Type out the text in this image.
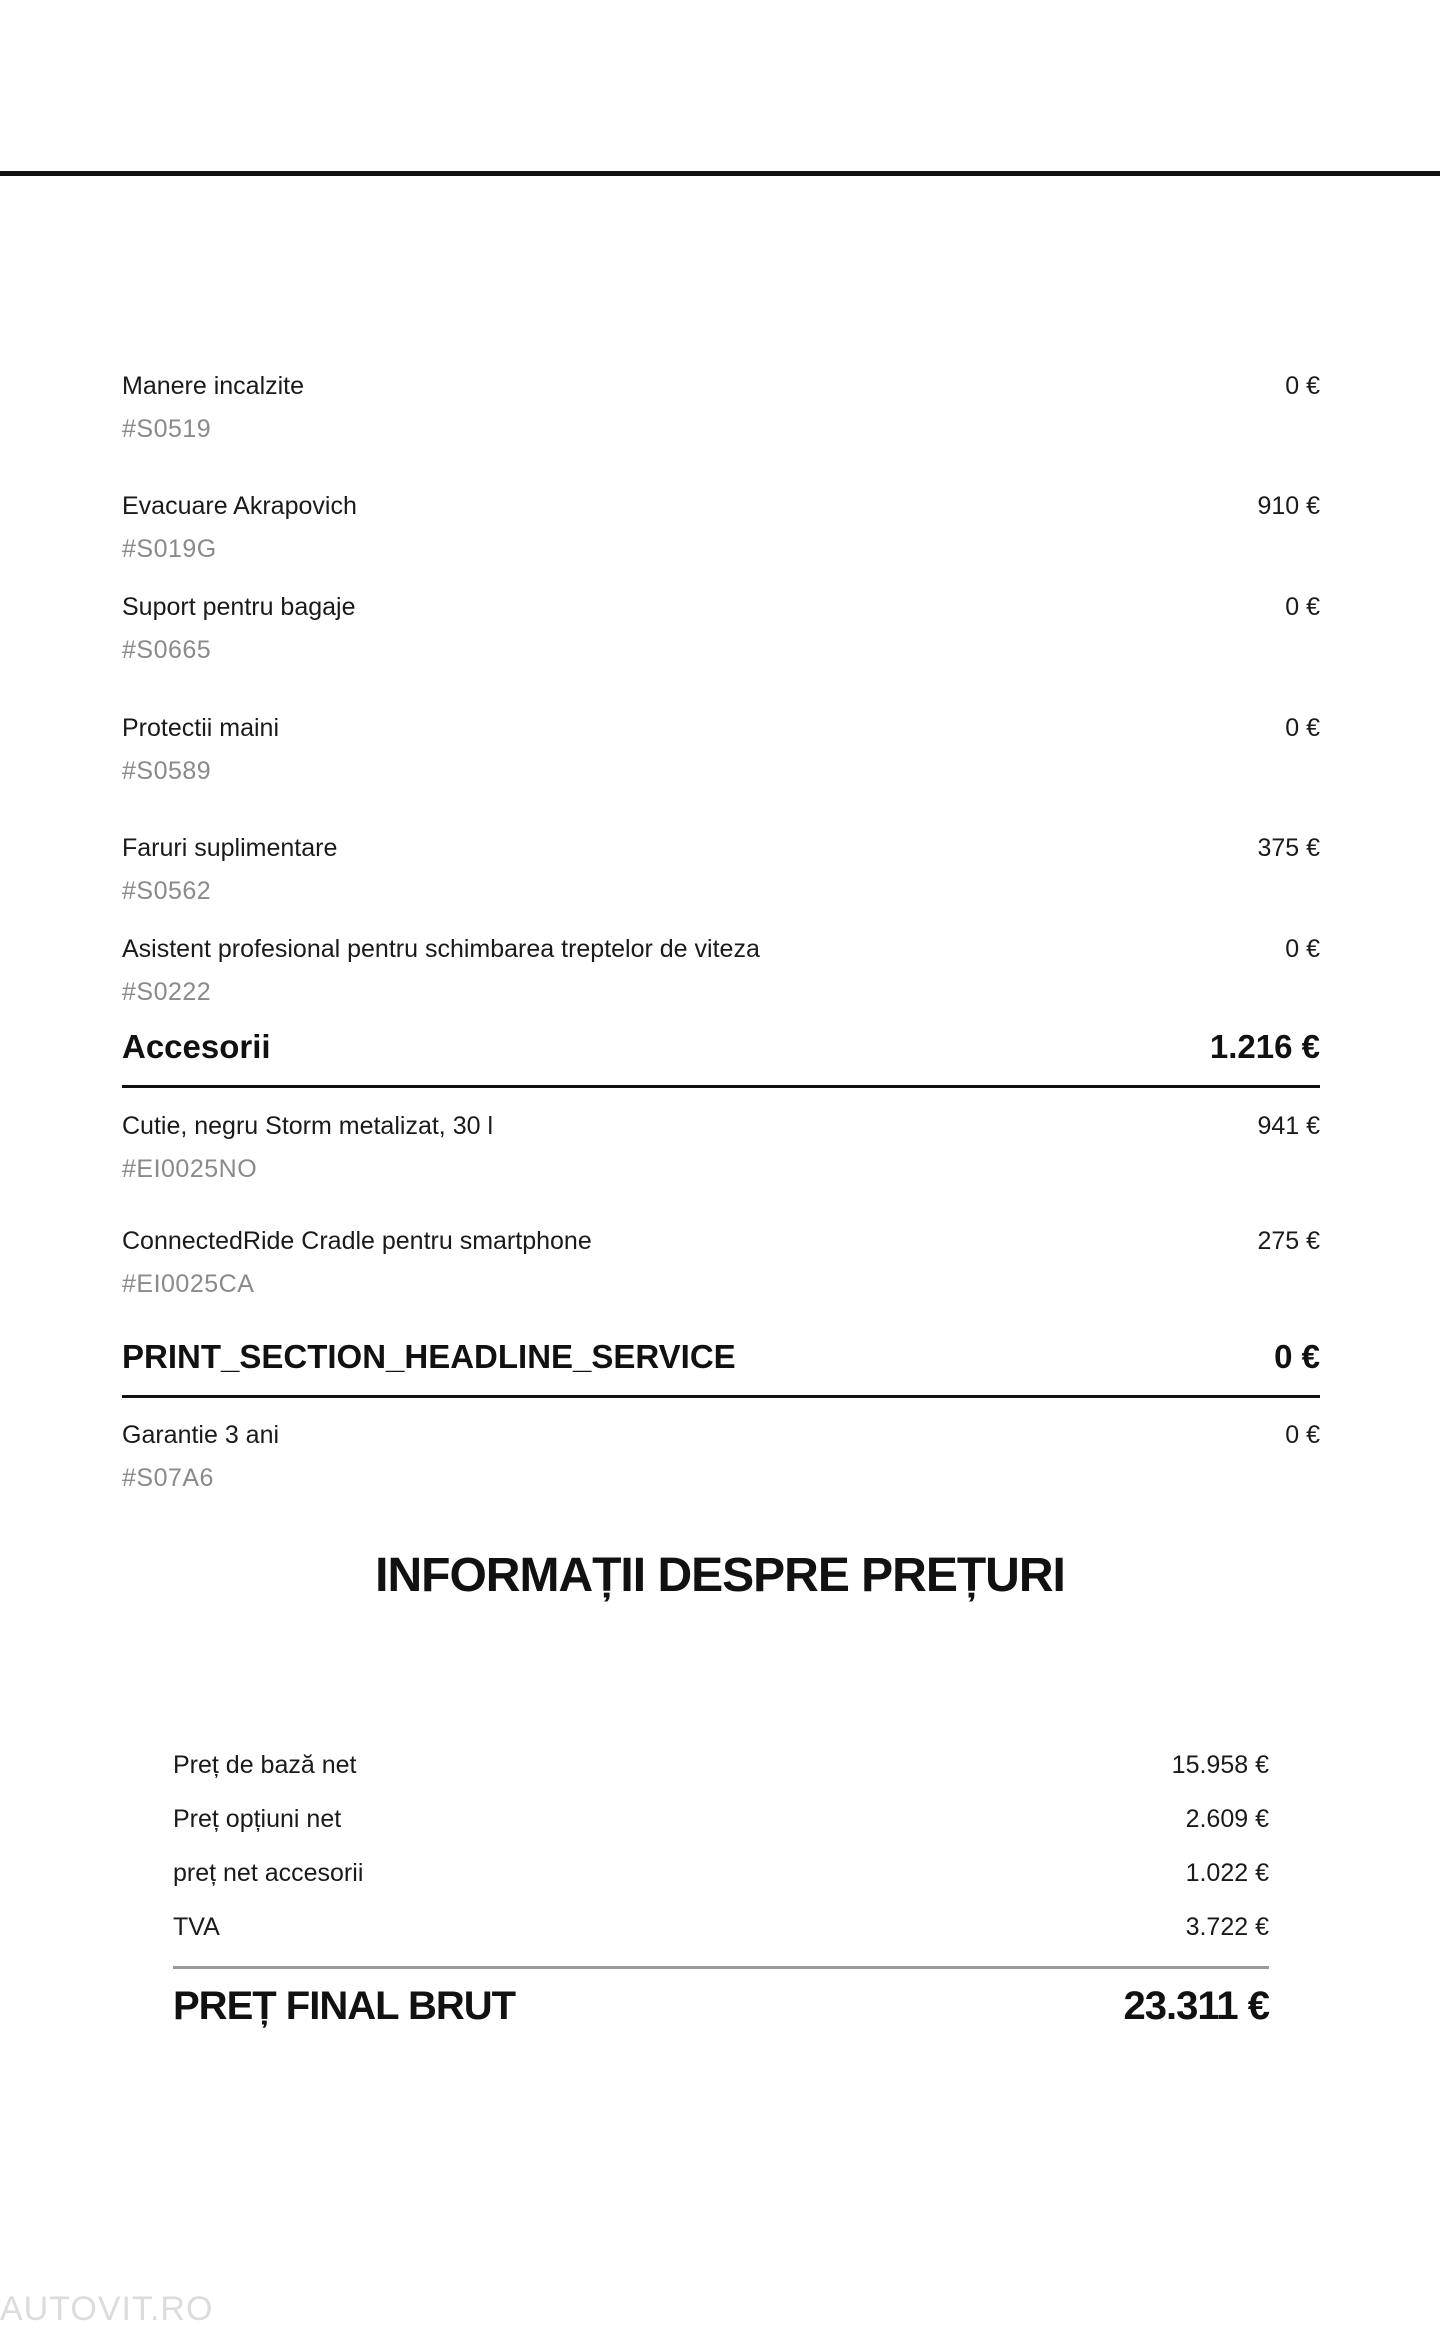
Manere incalzite	0 €
#S0519
Evacuare Akrapovich	910 €
#S019G
Suport pentru bagaje	0 €
#S0665
Protectii maini	0 €
#S0589
Faruri suplimentare	375 €
#S0562
Asistent profesional pentru schimbarea treptelor de viteza	0 €
#S0222
Accesorii	1.216 €
Cutie, negru Storm metalizat, 30 l	941 €
#EI0025NO
ConnectedRide Cradle pentru smartphone	275 €
#EI0025CA
PRINT_SECTION_HEADLINE_SERVICE	0 €
Garantie 3 ani	0 €
#S07A6
INFORMAȚII DESPRE PREȚURI
Preț de bază net	15.958 €
Preț opțiuni net	2.609 €
preț net accesorii	1.022 €
TVA	3.722 €
PREȚ FINAL BRUT	23.311 €
AUTOVIT.RO
